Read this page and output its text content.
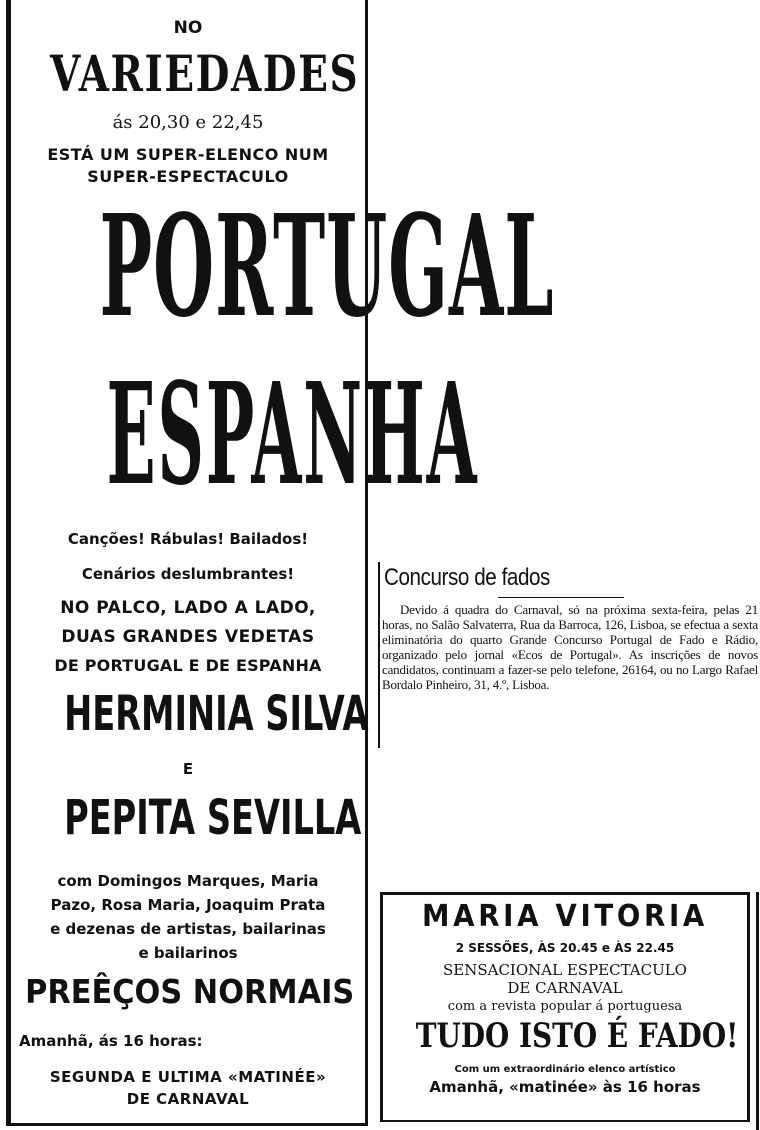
NO
VARIEDADES
ás 20,30 e 22,45
ESTÁ UM SUPER-ELENCO NUM
SUPER-ESPECTACULO
PORTUGAL
ESPANHA
Canções! Rábulas! Bailados!
Cenários deslumbrantes!
NO PALCO, LADO A LADO,
DUAS GRANDES VEDETAS
DE PORTUGAL E DE ESPANHA
HERMINIA SILVA
E
PEPITA SEVILLA
com Domingos Marques, Maria
Pazo, Rosa Maria, Joaquim Prata
e dezenas de artistas, bailarinas
e bailarinos
PREÊÇOS NORMAIS
Amanhã, ás 16 horas:
SEGUNDA E ULTIMA «MATINÉE»
DE CARNAVAL
Concurso de fados
Devido á quadra do Carnaval, só na próxima sexta-feira, pelas 21 horas, no Salão Salvaterra, Rua da Barroca, 126, Lisboa, se efectua a sexta eliminatória do quarto Grande Concurso Portugal de Fado e Rádio, organizado pelo jornal «Ecos de Portugal». As inscrições de novos candidatos, continuam a fazer-se pelo telefone, 26164, ou no Largo Rafael Bordalo Pinheiro, 31, 4.º, Lisboa.
MARIA VITORIA
2 SESSÕES, ÀS 20.45 e ÀS 22.45
SENSACIONAL ESPECTACULO
DE CARNAVAL
com a revista popular á portuguesa
TUDO ISTO É FADO!
Com um extraordinário elenco artístico
Amanhã, «matinée» às 16 horas
